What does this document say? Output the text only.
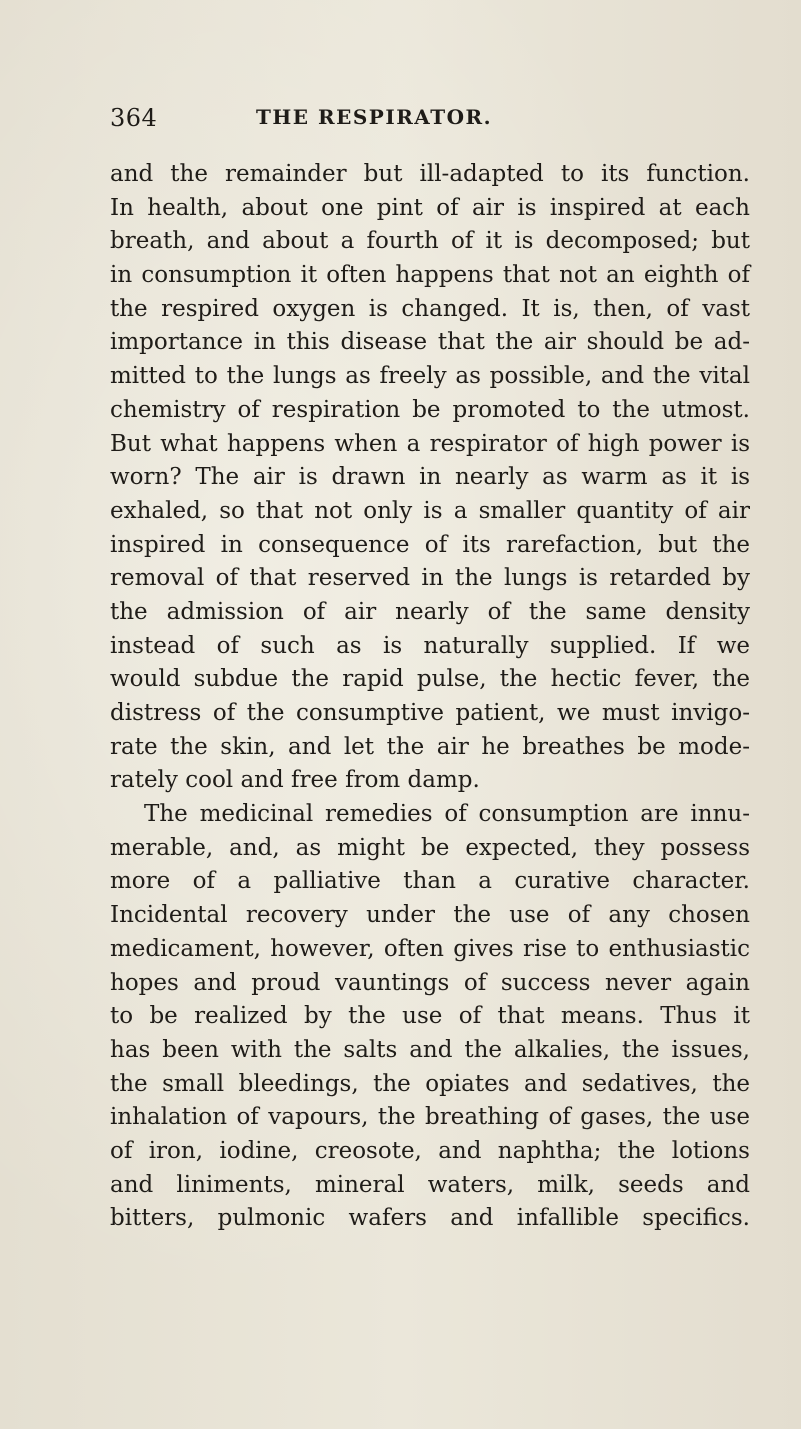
364	THE RESPIRATOR.
and the remainder but ill-adapted to its function.
In health, about one pint of air is inspired at each
breath, and about a fourth of it is decomposed; but
in consumption it often happens that not an eighth of
the respired oxygen is changed. It is, then, of vast
importance in this disease that the air should be ad-
mitted to the lungs as freely as possible, and the vital
chemistry of respiration be promoted to the utmost.
But what happens when a respirator of high power is
worn? The air is drawn in nearly as warm as it is
exhaled, so that not only is a smaller quantity of air
inspired in consequence of its rarefaction, but the
removal of that reserved in the lungs is retarded by
the admission of air nearly of the same density
instead of such as is naturally supplied. If we
would subdue the rapid pulse, the hectic fever, the
distress of the consumptive patient, we must invigo-
rate the skin, and let the air he breathes be mode-
rately cool and free from damp.
The medicinal remedies of consumption are innu-
merable, and, as might be expected, they possess
more of a palliative than a curative character.
Incidental recovery under the use of any chosen
medicament, however, often gives rise to enthusiastic
hopes and proud vauntings of success never again
to be realized by the use of that means. Thus it
has been with the salts and the alkalies, the issues,
the small bleedings, the opiates and sedatives, the
inhalation of vapours, the breathing of gases, the use
of iron, iodine, creosote, and naphtha; the lotions
and liniments, mineral waters, milk, seeds and
bitters, pulmonic wafers and infallible specifics.
